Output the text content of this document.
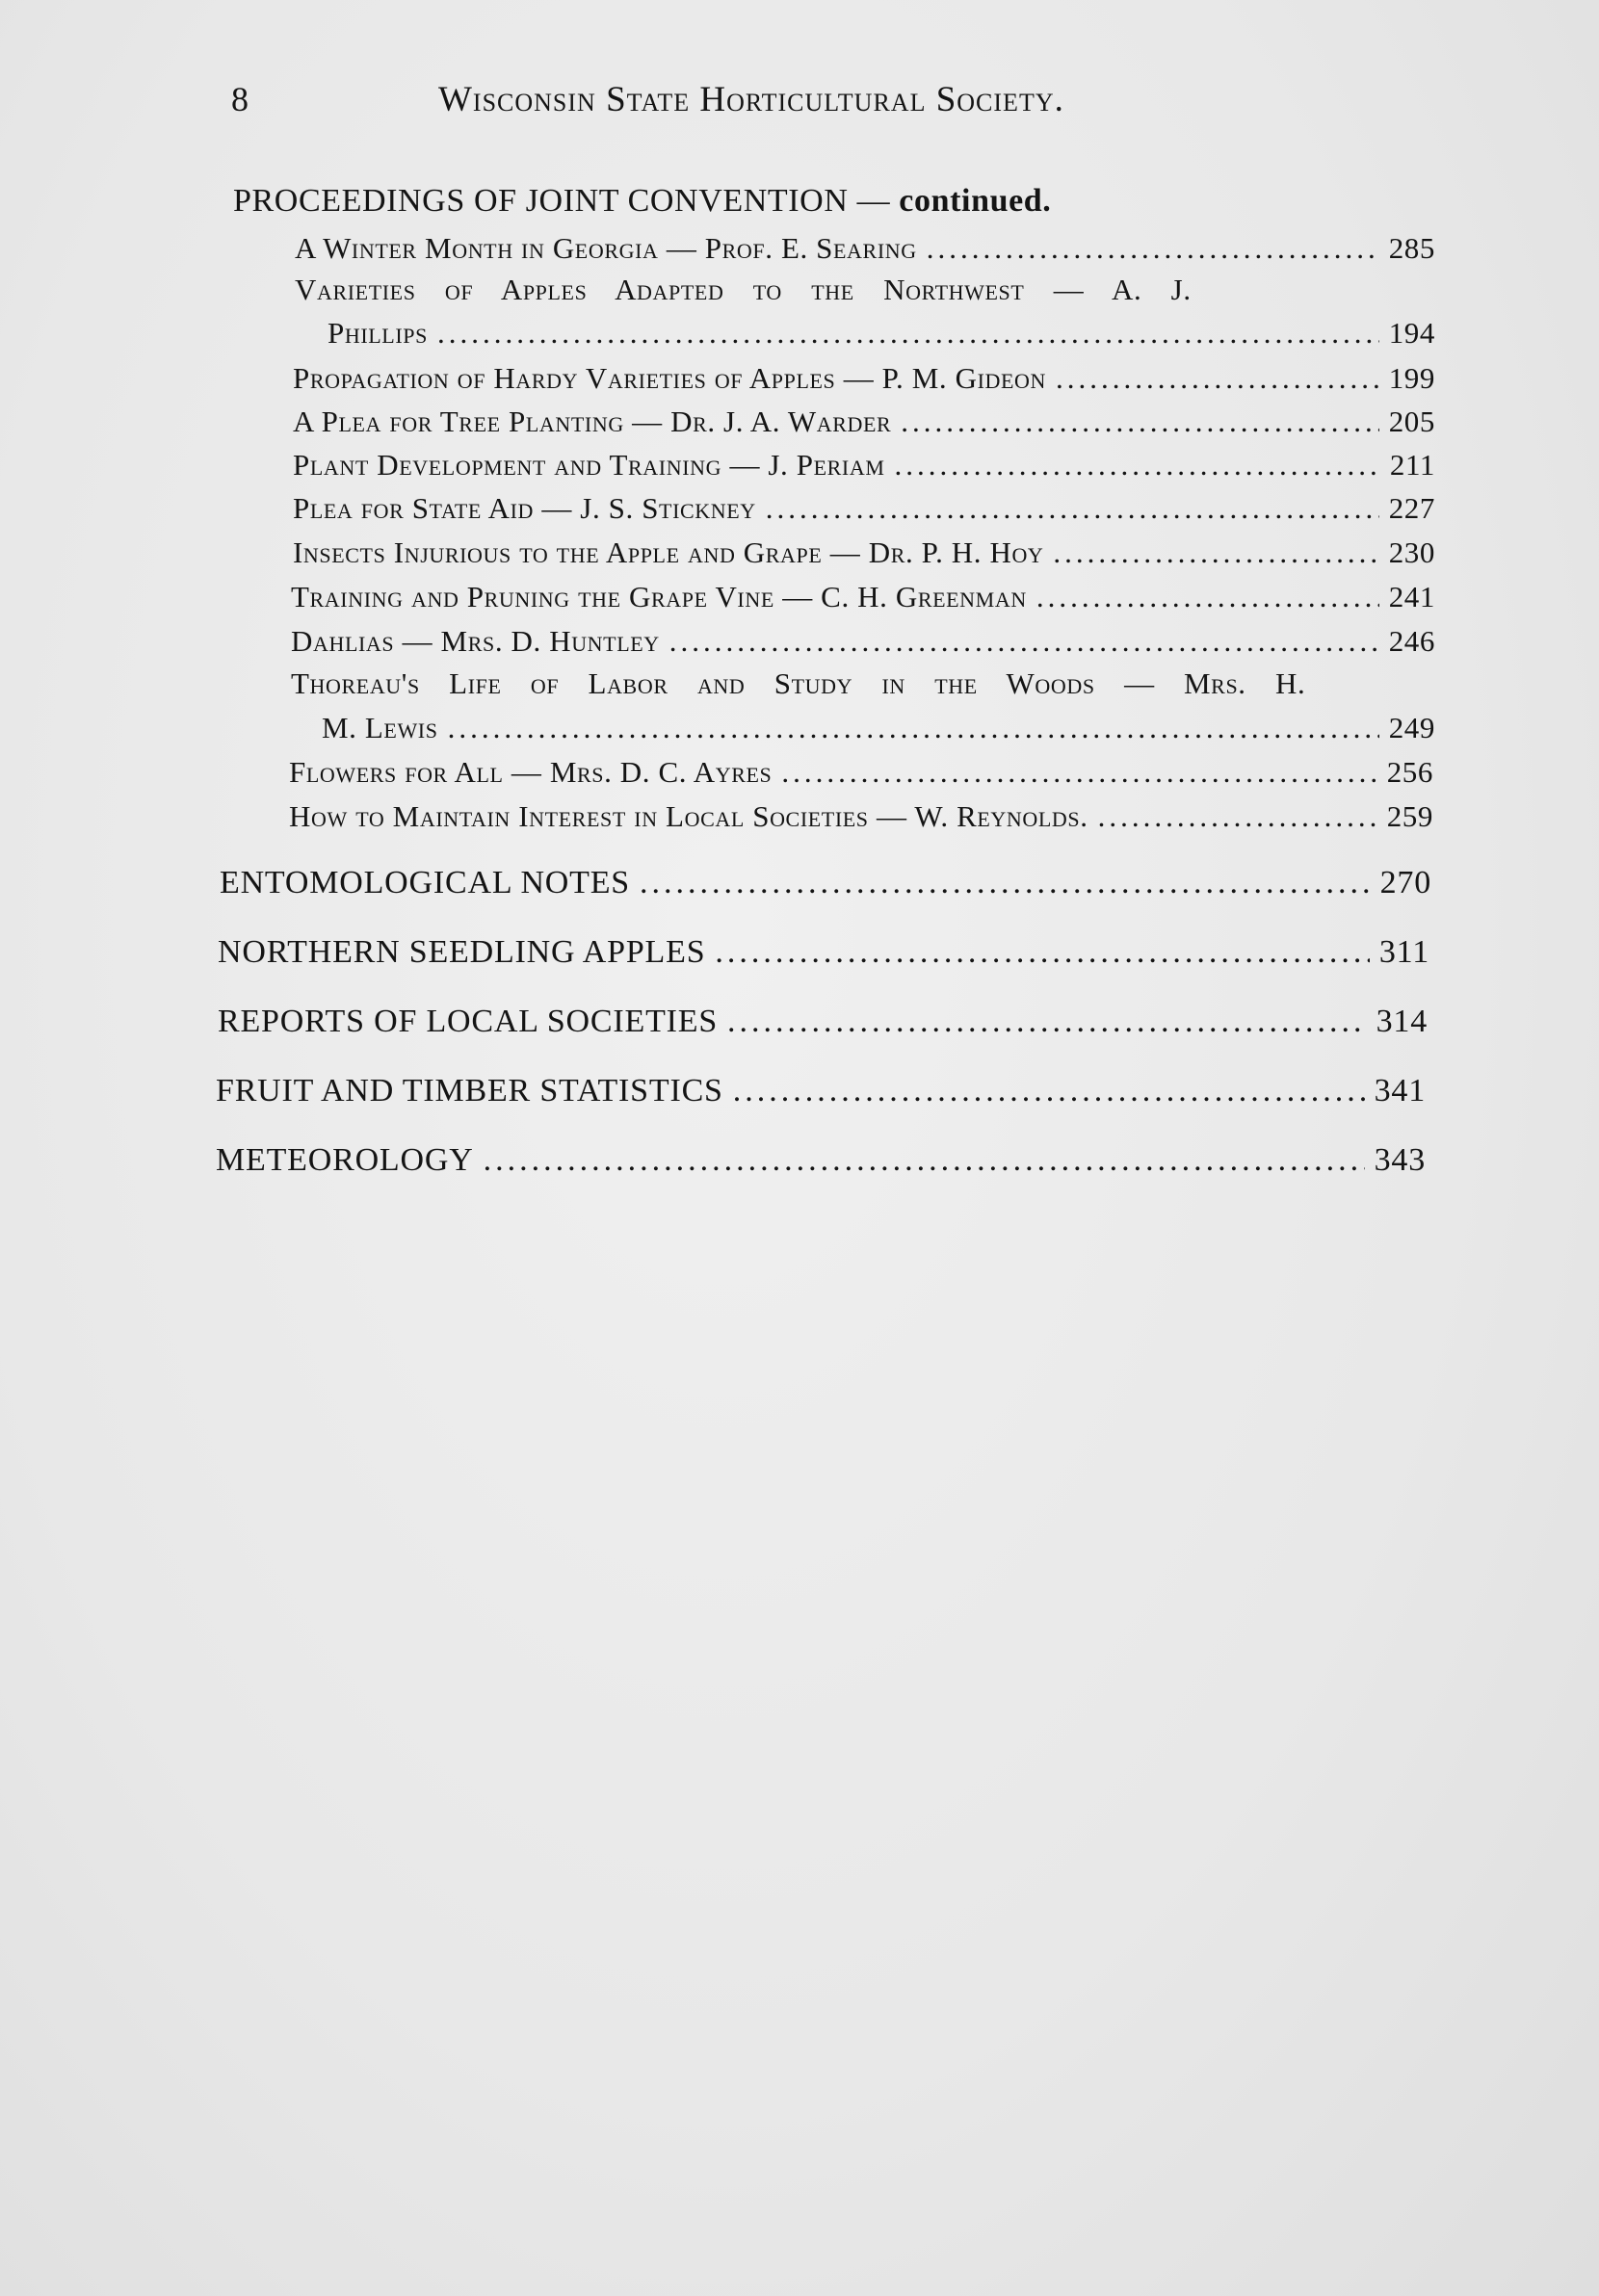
8	Wisconsin State Horticultural Society.
PROCEEDINGS OF JOINT CONVENTION — continued.
A Winter Month in Georgia — Prof. E. Searing .....	285
Varieties of Apples Adapted to the Northwest — A. J.
Phillips .....	194
Propagation of Hardy Varieties of Apples — P. M. Gideon .....	199
A Plea for Tree Planting — Dr. J. A. Warder .....	205
Plant Development and Training — J. Periam .....	211
Plea for State Aid — J. S. Stickney .....	227
Insects Injurious to the Apple and Grape — Dr. P. H. Hoy .....	230
Training and Pruning the Grape Vine — C. H. Greenman .....	241
Dahlias — Mrs. D. Huntley .....	246
Thoreau's Life of Labor and Study in the Woods — Mrs. H.
M. Lewis .....	249
Flowers for All — Mrs. D. C. Ayres .....	256
How to Maintain Interest in Local Societies — W. Reynolds. .....	259
ENTOMOLOGICAL NOTES .....	270
NORTHERN SEEDLING APPLES .....	311
REPORTS OF LOCAL SOCIETIES .....	314
FRUIT AND TIMBER STATISTICS .....	341
METEOROLOGY .....	343
